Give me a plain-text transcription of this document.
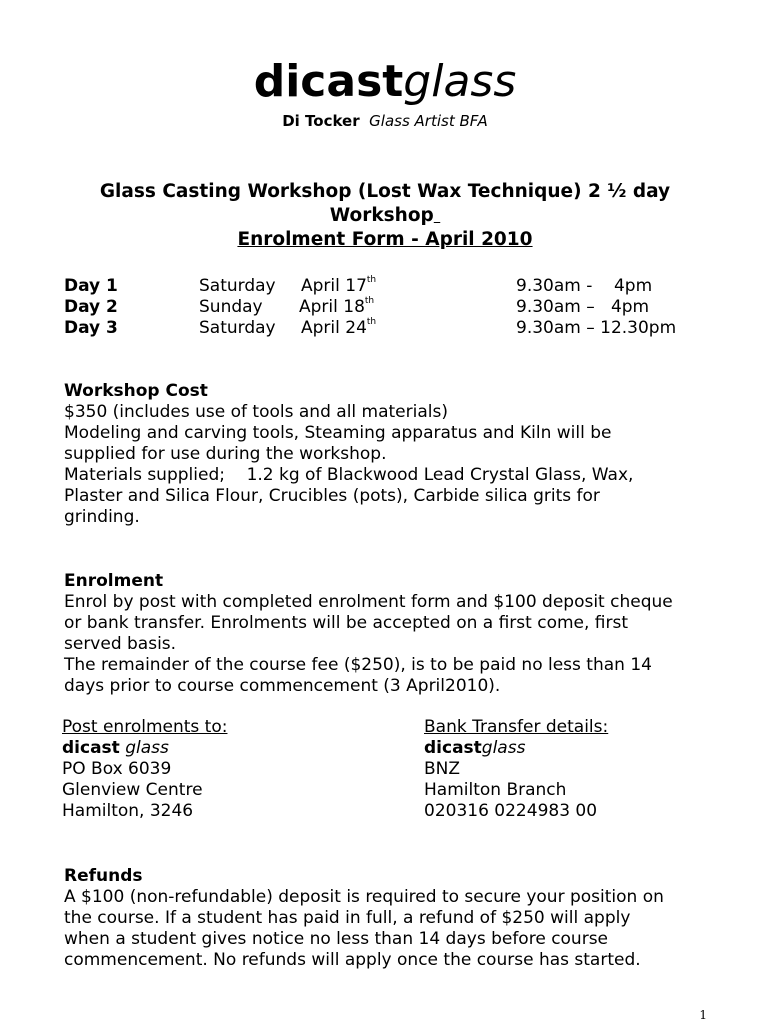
dicastglass
Di Tocker Glass Artist BFA
Glass Casting Workshop (Lost Wax Technique) 2 ½ day
Workshop
Enrolment Form - April 2010
Day 1	Saturday April 17th	9.30am -    4pm
Day 2	Sunday April 18th	9.30am –   4pm
Day 3	Saturday April 24th	9.30am – 12.30pm
Workshop Cost
$350 (includes use of tools and all materials)
Modeling and carving tools, Steaming apparatus and Kiln will be
supplied for use during the workshop.
Materials supplied;    1.2 kg of Blackwood Lead Crystal Glass, Wax,
Plaster and Silica Flour, Crucibles (pots), Carbide silica grits for
grinding.
Enrolment
Enrol by post with completed enrolment form and $100 deposit cheque
or bank transfer. Enrolments will be accepted on a first come, first
served basis.
The remainder of the course fee ($250), is to be paid no less than 14
days prior to course commencement (3 April2010).
Post enrolments to:
dicast glass
PO Box 6039
Glenview Centre
Hamilton, 3246
Bank Transfer details:
dicastglass
BNZ
Hamilton Branch
020316 0224983 00
Refunds
A $100 (non-refundable) deposit is required to secure your position on
the course. If a student has paid in full, a refund of $250 will apply
when a student gives notice no less than 14 days before course
commencement. No refunds will apply once the course has started.
1
